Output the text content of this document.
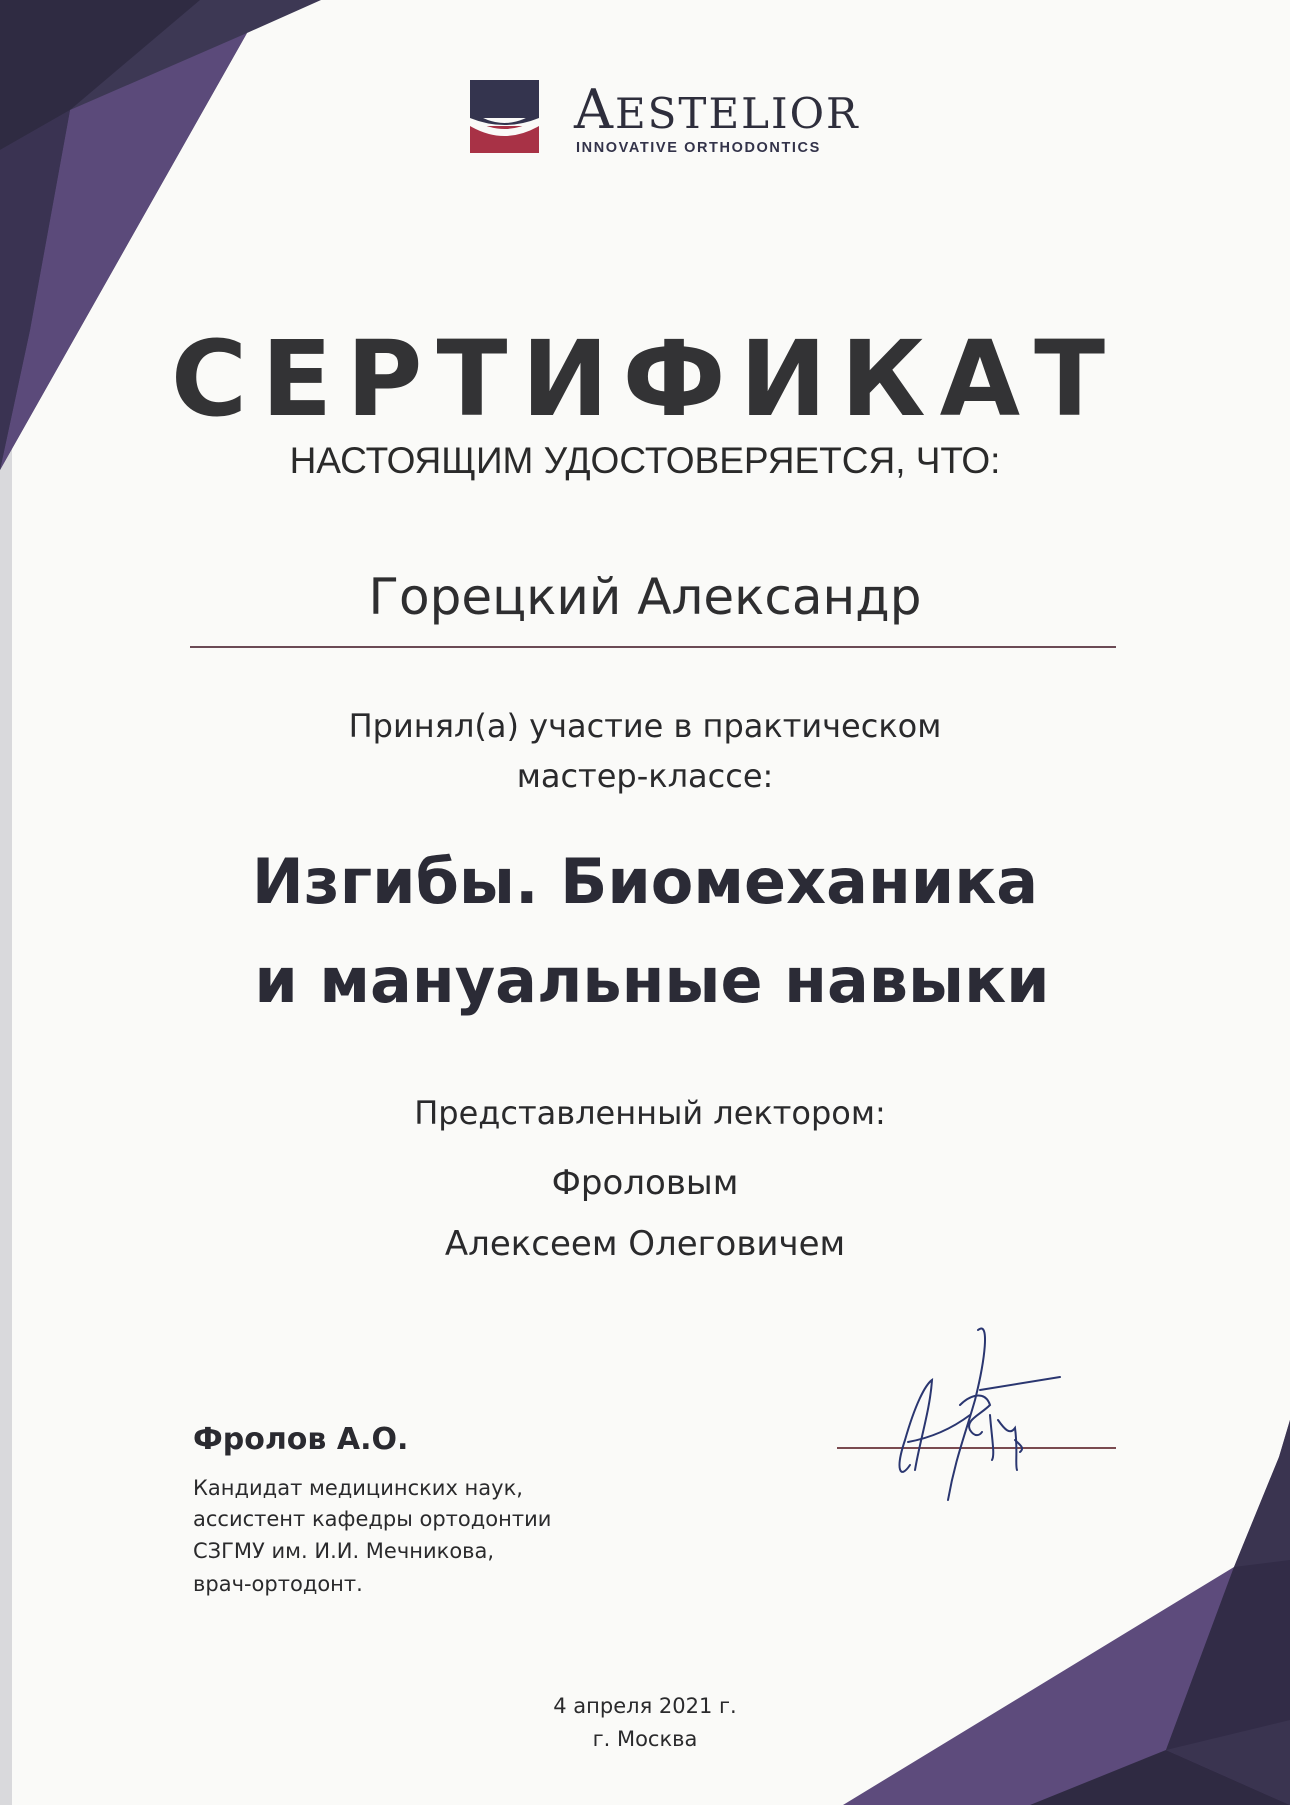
AESTELIOR
INNOVATIVE ORTHODONTICS
СЕРТИФИКАТ
НАСТОЯЩИМ УДОСТОВЕРЯЕТСЯ, ЧТО:
Горецкий Александр
Принял(а) участие в практическом
мастер-классе:
Изгибы. Биомеханика
и мануальные навыки
Представленный лектором:
Фроловым
Алексеем Олеговичем
Фролов А.О.
Кандидат медицинских наук,
ассистент кафедры ортодонтии
СЗГМУ им. И.И. Мечникова,
врач-ортодонт.
4 апреля 2021 г.
г. Москва
